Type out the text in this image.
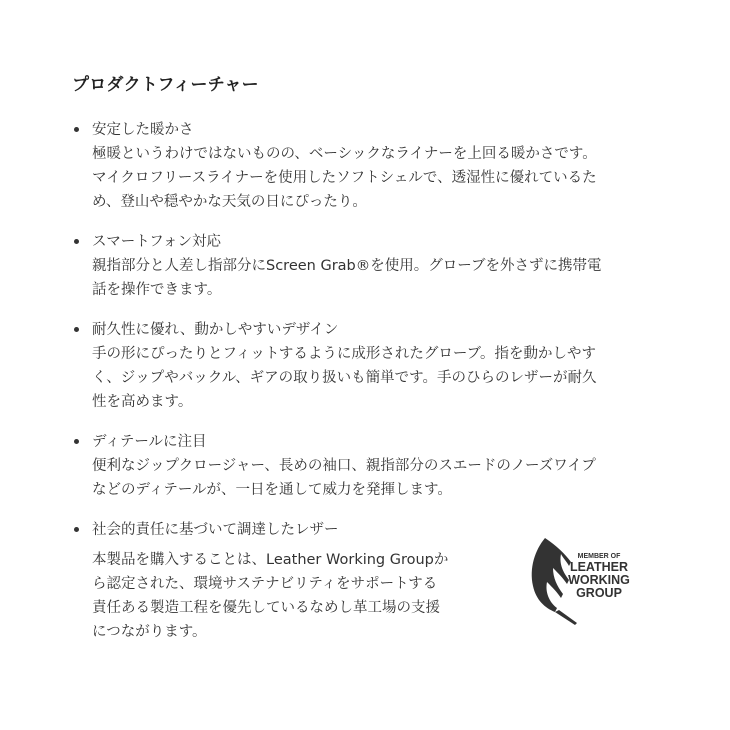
プロダクトフィーチャー
安定した暖かさ
極暖というわけではないものの、ベーシックなライナーを上回る暖かさです。
マイクロフリースライナーを使用したソフトシェルで、透湿性に優れているた
め、登山や穏やかな天気の日にぴったり。
スマートフォン対応
親指部分と人差し指部分にScreen Grab®を使用。グローブを外さずに携帯電
話を操作できます。
耐久性に優れ、動かしやすいデザイン
手の形にぴったりとフィットするように成形されたグローブ。指を動かしやす
く、ジップやバックル、ギアの取り扱いも簡単です。手のひらのレザーが耐久
性を高めます。
ディテールに注目
便利なジップクロージャー、長めの袖口、親指部分のスエードのノーズワイプ
などのディテールが、一日を通して威力を発揮します。
社会的責任に基づいて調達したレザー
本製品を購入することは、Leather Working Groupか
ら認定された、環境サステナビリティをサポートする
責任ある製造工程を優先しているなめし革工場の支援
につながります。
MEMBER OF
LEATHER
WORKING
GROUP
